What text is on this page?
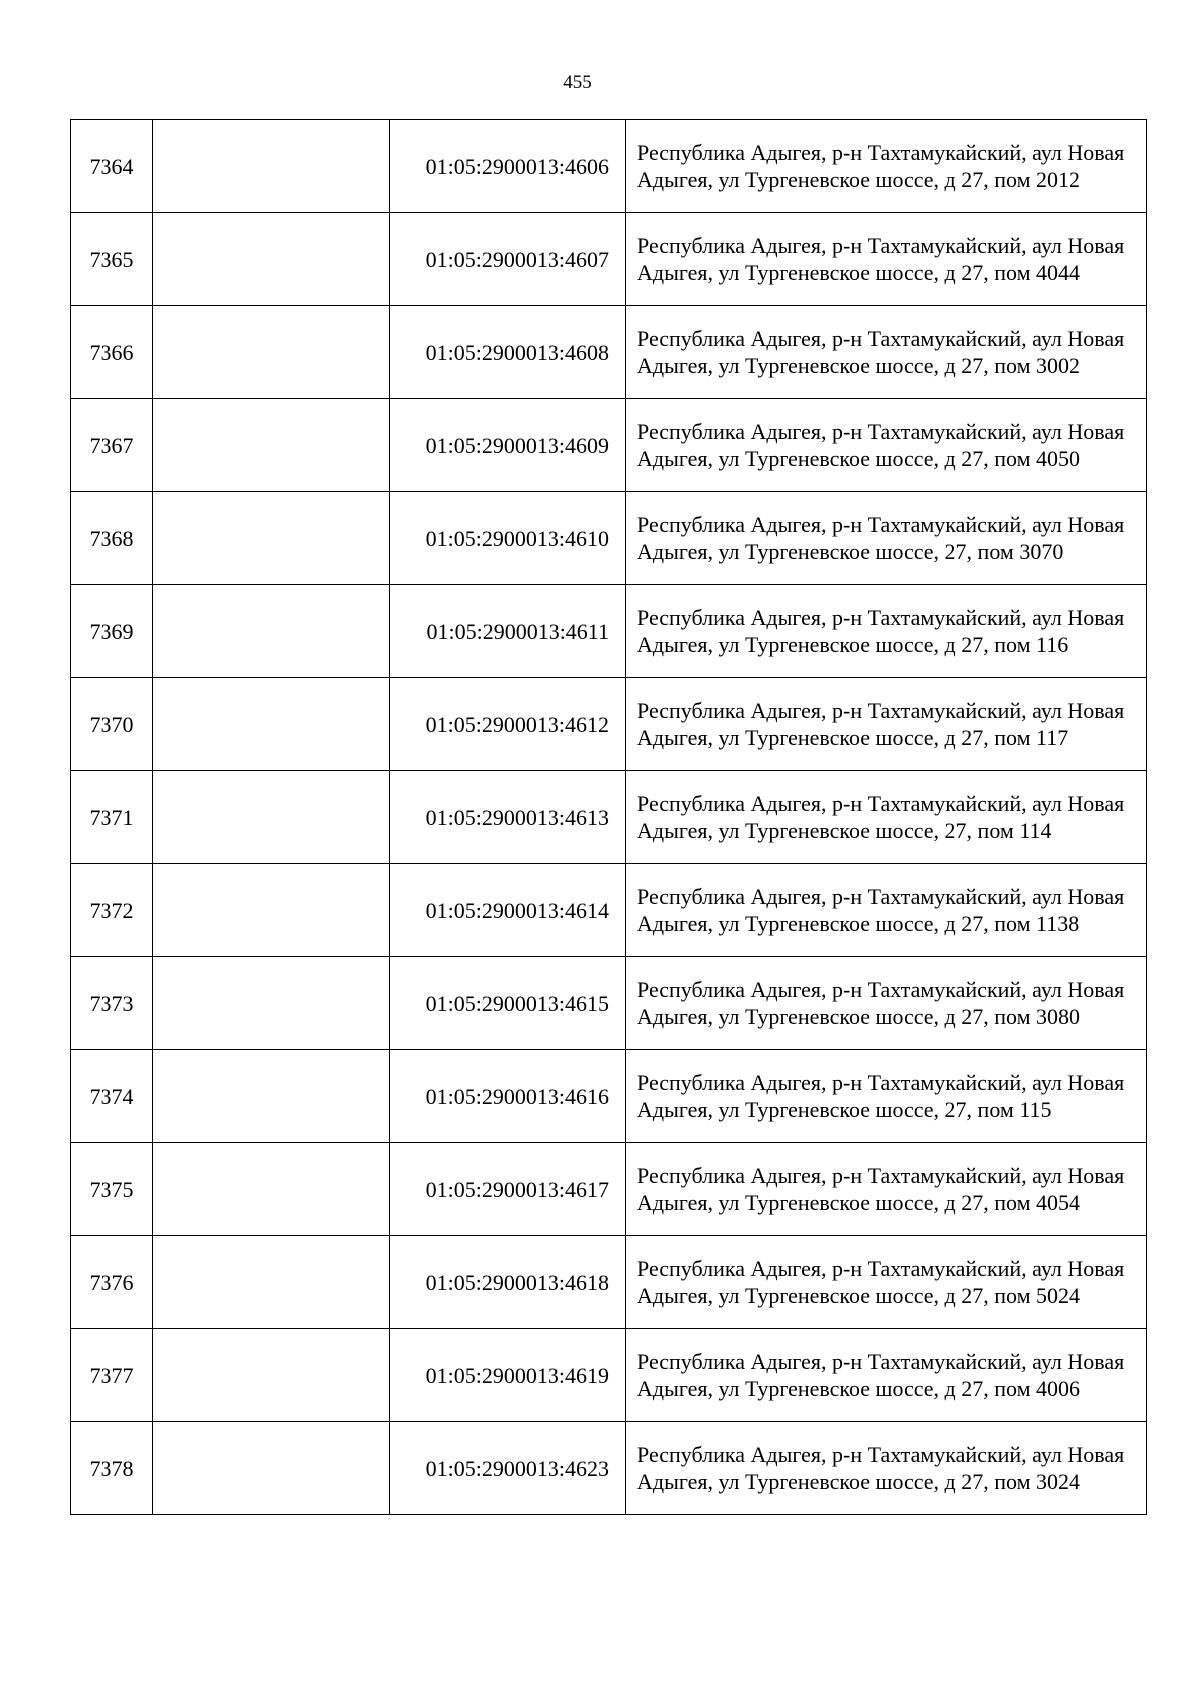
455
7364		01:05:2900013:4606	Республика Адыгея, р-н Тахтамукайский, аул Новая Адыгея, ул Тургеневское шоссе, д 27, пом 2012
7365		01:05:2900013:4607	Республика Адыгея, р-н Тахтамукайский, аул Новая Адыгея, ул Тургеневское шоссе, д 27, пом 4044
7366		01:05:2900013:4608	Республика Адыгея, р-н Тахтамукайский, аул Новая Адыгея, ул Тургеневское шоссе, д 27, пом 3002
7367		01:05:2900013:4609	Республика Адыгея, р-н Тахтамукайский, аул Новая Адыгея, ул Тургеневское шоссе, д 27, пом 4050
7368		01:05:2900013:4610	Республика Адыгея, р-н Тахтамукайский, аул Новая Адыгея, ул Тургеневское шоссе, 27, пом 3070
7369		01:05:2900013:4611	Республика Адыгея, р-н Тахтамукайский, аул Новая Адыгея, ул Тургеневское шоссе, д 27, пом 116
7370		01:05:2900013:4612	Республика Адыгея, р-н Тахтамукайский, аул Новая Адыгея, ул Тургеневское шоссе, д 27, пом 117
7371		01:05:2900013:4613	Республика Адыгея, р-н Тахтамукайский, аул Новая Адыгея, ул Тургеневское шоссе, 27, пом 114
7372		01:05:2900013:4614	Республика Адыгея, р-н Тахтамукайский, аул Новая Адыгея, ул Тургеневское шоссе, д 27, пом 1138
7373		01:05:2900013:4615	Республика Адыгея, р-н Тахтамукайский, аул Новая Адыгея, ул Тургеневское шоссе, д 27, пом 3080
7374		01:05:2900013:4616	Республика Адыгея, р-н Тахтамукайский, аул Новая Адыгея, ул Тургеневское шоссе, 27, пом 115
7375		01:05:2900013:4617	Республика Адыгея, р-н Тахтамукайский, аул Новая Адыгея, ул Тургеневское шоссе, д 27, пом 4054
7376		01:05:2900013:4618	Республика Адыгея, р-н Тахтамукайский, аул Новая Адыгея, ул Тургеневское шоссе, д 27, пом 5024
7377		01:05:2900013:4619	Республика Адыгея, р-н Тахтамукайский, аул Новая Адыгея, ул Тургеневское шоссе, д 27, пом 4006
7378		01:05:2900013:4623	Республика Адыгея, р-н Тахтамукайский, аул Новая Адыгея, ул Тургеневское шоссе, д 27, пом 3024
